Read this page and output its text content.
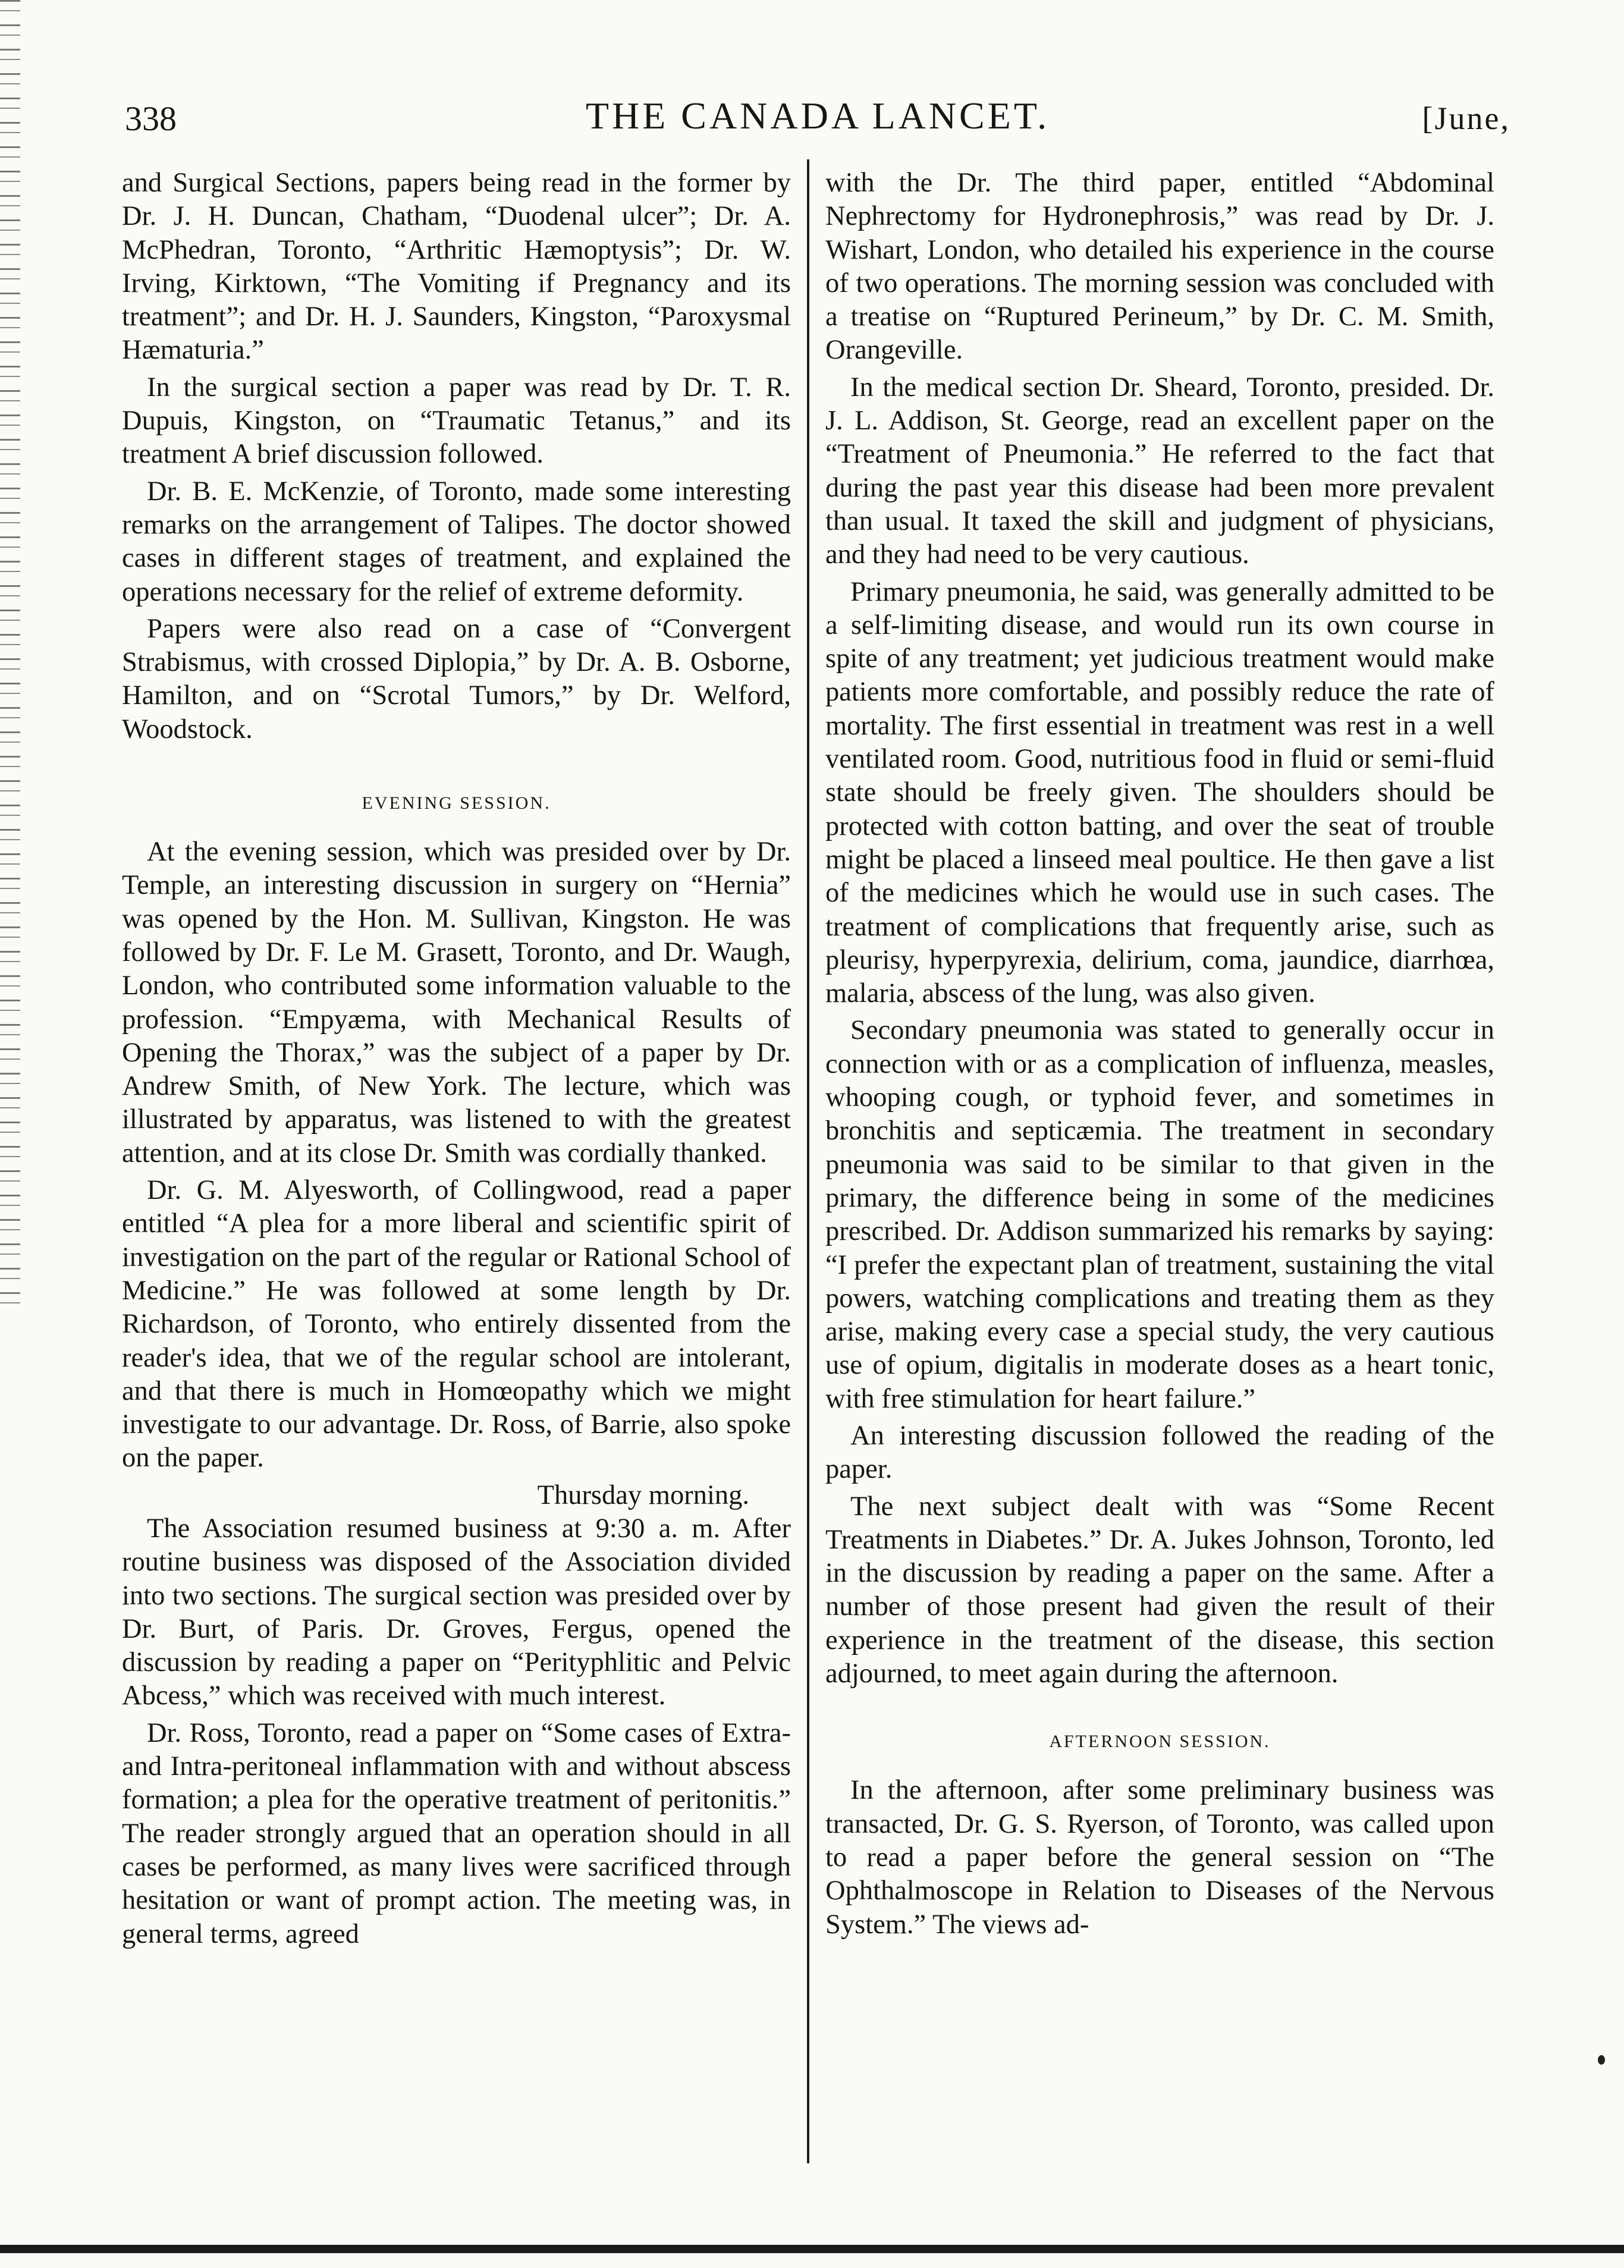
338	THE CANADA LANCET.	[June,

and Surgical Sections, papers being read in the former by Dr. J. H. Duncan, Chatham, “Duodenal ulcer”; Dr. A. McPhedran, Toronto, “Arthritic Hæmoptysis”; Dr. W. Irving, Kirktown, “The Vomiting if Pregnancy and its treatment”; and Dr. H. J. Saunders, Kingston, “Paroxysmal Hæmaturia.”

In the surgical section a paper was read by Dr. T. R. Dupuis, Kingston, on “Traumatic Tetanus,” and its treatment A brief discussion followed.

Dr. B. E. McKenzie, of Toronto, made some interesting remarks on the arrangement of Talipes. The doctor showed cases in different stages of treatment, and explained the operations necessary for the relief of extreme deformity.

Papers were also read on a case of “Convergent Strabismus, with crossed Diplopia,” by Dr. A. B. Osborne, Hamilton, and on “Scrotal Tumors,” by Dr. Welford, Woodstock.

EVENING SESSION.

At the evening session, which was presided over by Dr. Temple, an interesting discussion in surgery on “Hernia” was opened by the Hon. M. Sullivan, Kingston. He was followed by Dr. F. Le M. Grasett, Toronto, and Dr. Waugh, London, who contributed some information valuable to the profession. “Empyæma, with Mechanical Results of Opening the Thorax,” was the subject of a paper by Dr. Andrew Smith, of New York. The lecture, which was illustrated by apparatus, was listened to with the greatest attention, and at its close Dr. Smith was cordially thanked.

Dr. G. M. Alyesworth, of Collingwood, read a paper entitled “A plea for a more liberal and scientific spirit of investigation on the part of the regular or Rational School of Medicine.” He was followed at some length by Dr. Richardson, of Toronto, who entirely dissented from the reader's idea, that we of the regular school are intolerant, and that there is much in Homœopathy which we might investigate to our advantage. Dr. Ross, of Barrie, also spoke on the paper.

Thursday morning.

The Association resumed business at 9:30 a. m. After routine business was disposed of the Association divided into two sections. The surgical section was presided over by Dr. Burt, of Paris. Dr. Groves, Fergus, opened the discussion by reading a paper on “Perityphlitic and Pelvic Abcess,” which was received with much interest.

Dr. Ross, Toronto, read a paper on “Some cases of Extra-and Intra-peritoneal inflammation with and without abscess formation; a plea for the operative treatment of peritonitis.” The reader strongly argued that an operation should in all cases be performed, as many lives were sacrificed through hesitation or want of prompt action. The meeting was, in general terms, agreed

with the Dr. The third paper, entitled “Abdominal Nephrectomy for Hydronephrosis,” was read by Dr. J. Wishart, London, who detailed his experience in the course of two operations. The morning session was concluded with a treatise on “Ruptured Perineum,” by Dr. C. M. Smith, Orangeville.

In the medical section Dr. Sheard, Toronto, presided. Dr. J. L. Addison, St. George, read an excellent paper on the “Treatment of Pneumonia.” He referred to the fact that during the past year this disease had been more prevalent than usual. It taxed the skill and judgment of physicians, and they had need to be very cautious.

Primary pneumonia, he said, was generally admitted to be a self-limiting disease, and would run its own course in spite of any treatment; yet judicious treatment would make patients more comfortable, and possibly reduce the rate of mortality. The first essential in treatment was rest in a well ventilated room. Good, nutritious food in fluid or semi-fluid state should be freely given. The shoulders should be protected with cotton batting, and over the seat of trouble might be placed a linseed meal poultice. He then gave a list of the medicines which he would use in such cases. The treatment of complications that frequently arise, such as pleurisy, hyperpyrexia, delirium, coma, jaundice, diarrhœa, malaria, abscess of the lung, was also given.

Secondary pneumonia was stated to generally occur in connection with or as a complication of influenza, measles, whooping cough, or typhoid fever, and sometimes in bronchitis and septicæmia. The treatment in secondary pneumonia was said to be similar to that given in the primary, the difference being in some of the medicines prescribed. Dr. Addison summarized his remarks by saying: “I prefer the expectant plan of treatment, sustaining the vital powers, watching complications and treating them as they arise, making every case a special study, the very cautious use of opium, digitalis in moderate doses as a heart tonic, with free stimulation for heart failure.”

An interesting discussion followed the reading of the paper.

The next subject dealt with was “Some Recent Treatments in Diabetes.” Dr. A. Jukes Johnson, Toronto, led in the discussion by reading a paper on the same. After a number of those present had given the result of their experience in the treatment of the disease, this section adjourned, to meet again during the afternoon.

AFTERNOON SESSION.

In the afternoon, after some preliminary business was transacted, Dr. G. S. Ryerson, of Toronto, was called upon to read a paper before the general session on “The Ophthalmoscope in Relation to Diseases of the Nervous System.” The views ad-
